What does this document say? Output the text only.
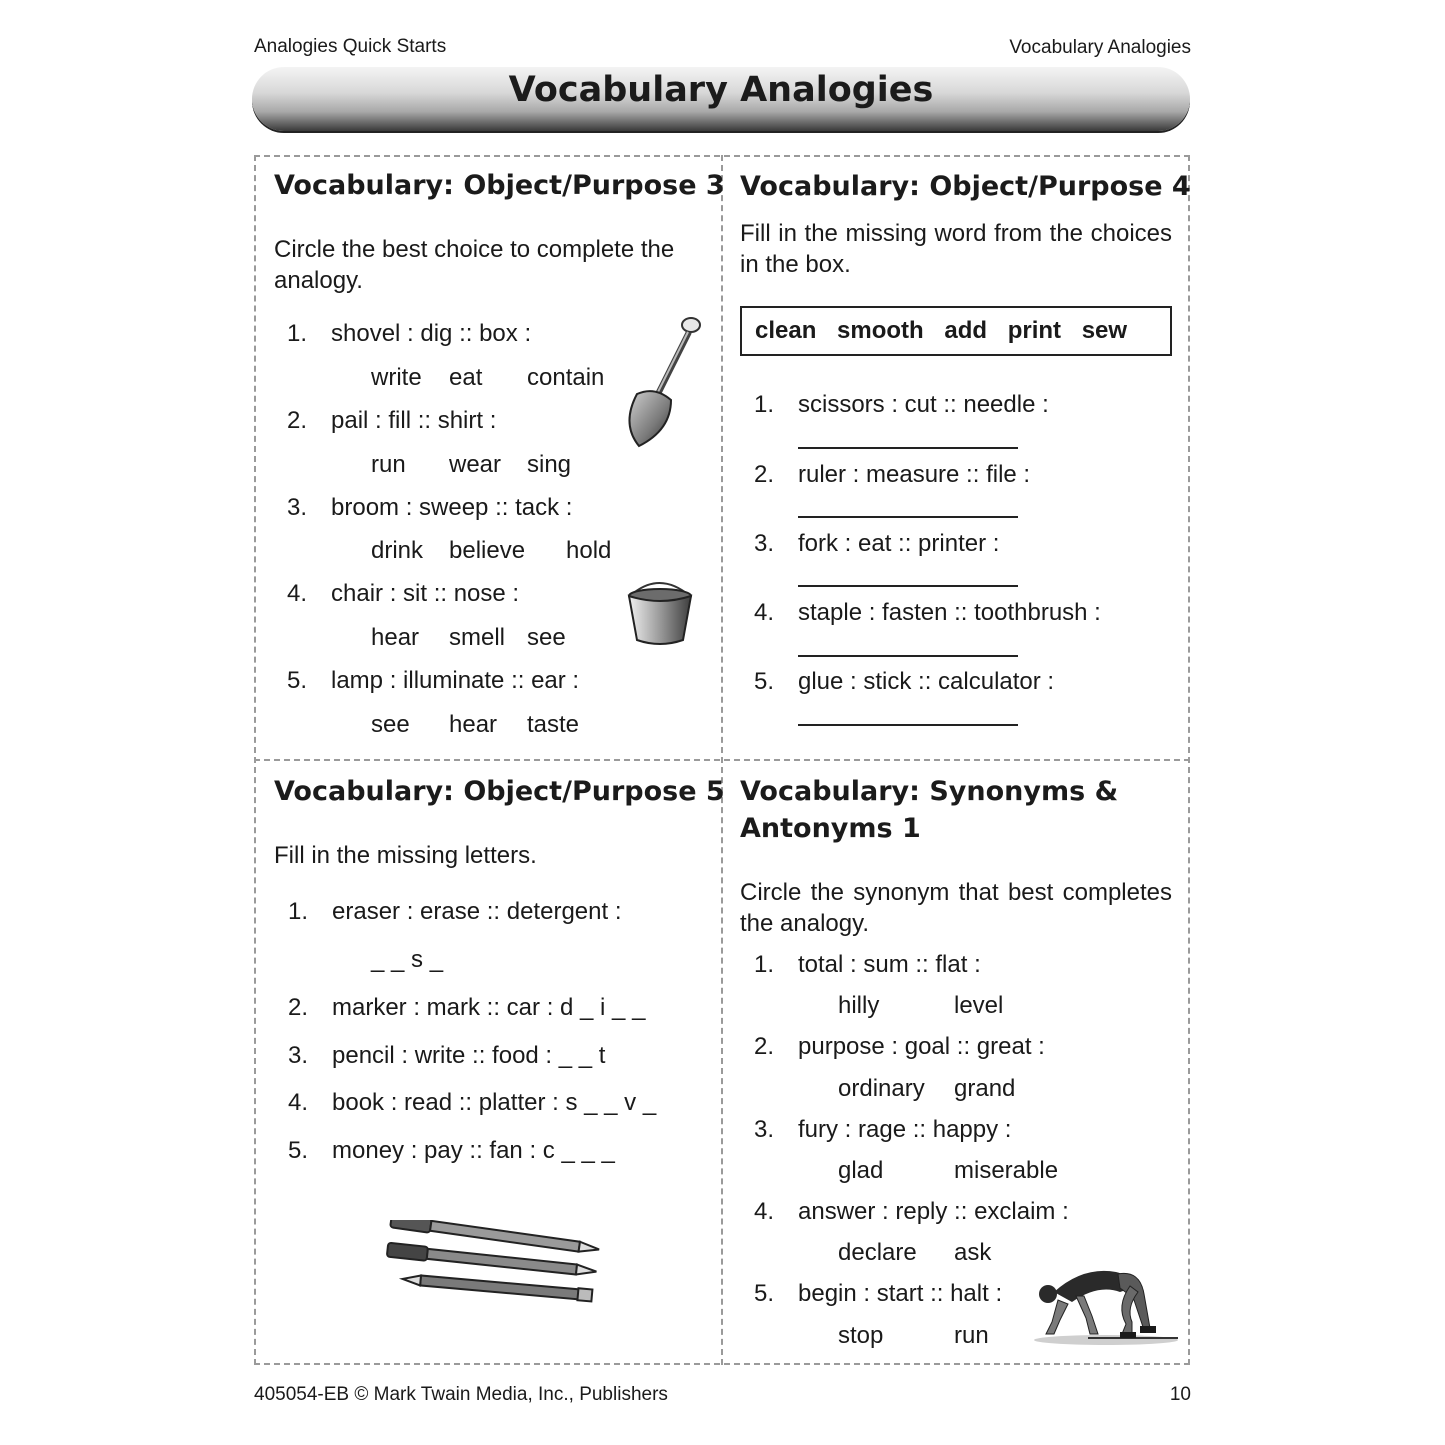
Analogies Quick Starts	Vocabulary Analogies
Vocabulary Analogies
Vocabulary: Object/Purpose 3
Circle the best choice to complete the analogy.
1. shovel : dig :: box :
write eat contain
2. pail : fill :: shirt :
run wear sing
3. broom : sweep :: tack :
drink believe hold
4. chair : sit :: nose :
hear smell see
5. lamp : illuminate :: ear :
see hear taste
Vocabulary: Object/Purpose 4
Fill in the missing word from the choices in the box.
clean smooth add print sew
1. scissors : cut :: needle :
2. ruler : measure :: file :
3. fork : eat :: printer :
4. staple : fasten :: toothbrush :
5. glue : stick :: calculator :
Vocabulary: Object/Purpose 5
Fill in the missing letters.
1. eraser : erase :: detergent :
_ _ s _
2. marker : mark :: car : d _ i _ _
3. pencil : write :: food : _ _ t
4. book : read :: platter : s _ _ v _
5. money : pay :: fan : c _ _ _
Vocabulary: Synonyms &
Antonyms 1
Circle the synonym that best completes the analogy.
1. total : sum :: flat :
hilly	level
2. purpose : goal :: great :
ordinary grand
3. fury : rage :: happy :
glad	miserable
4. answer : reply :: exclaim :
declare ask
5. begin : start :: halt :
stop	run
405054-EB © Mark Twain Media, Inc., Publishers	10
